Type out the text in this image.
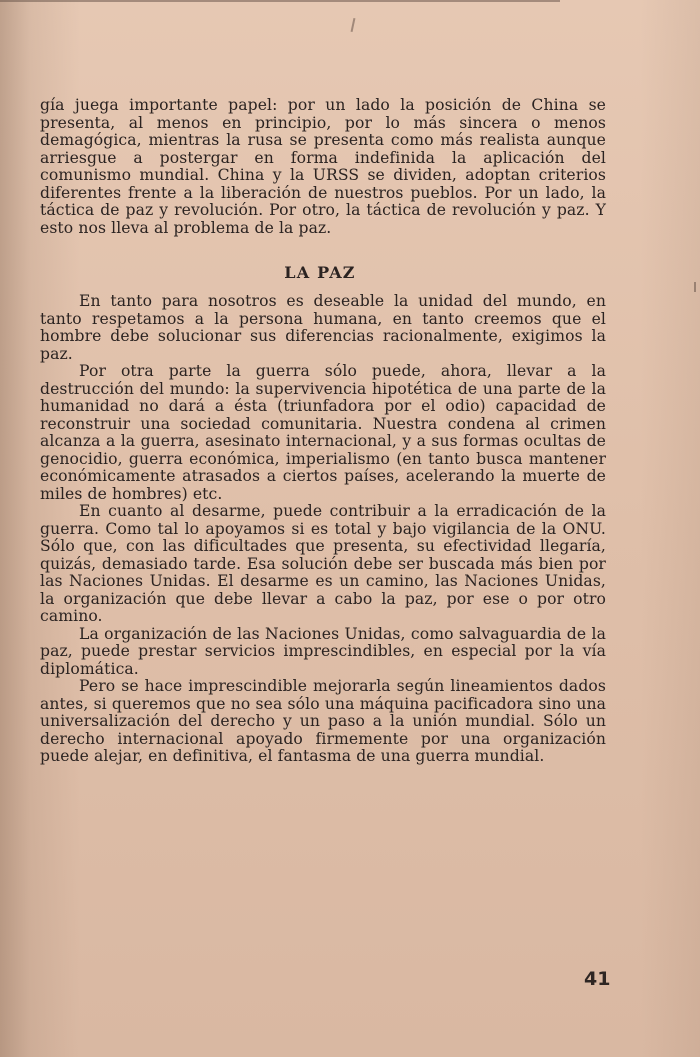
gía juega importante papel: por un lado la posición de China se presenta, al menos en principio, por lo más sincera o menos demagógica, mientras la rusa se presenta como más realista aunque arriesgue a postergar en forma indefinida la aplicación del comunismo mundial. China y la URSS se dividen, adoptan criterios diferentes frente a la liberación de nuestros pueblos. Por un lado, la táctica de paz y revolución. Por otro, la táctica de revolución y paz. Y esto nos lleva al problema de la paz.

LA PAZ

En tanto para nosotros es deseable la unidad del mundo, en tanto respetamos a la persona humana, en tanto creemos que el hombre debe solucionar sus diferencias racionalmente, exigimos la paz.

Por otra parte la guerra sólo puede, ahora, llevar a la destrucción del mundo: la supervivencia hipotética de una parte de la humanidad no dará a ésta (triunfadora por el odio) capacidad de reconstruir una sociedad comunitaria. Nuestra condena al crimen alcanza a la guerra, asesinato internacional, y a sus formas ocultas de genocidio, guerra económica, imperialismo (en tanto busca mantener económicamente atrasados a ciertos países, acelerando la muerte de miles de hombres) etc.

En cuanto al desarme, puede contribuir a la erradicación de la guerra. Como tal lo apoyamos si es total y bajo vigilancia de la ONU. Sólo que, con las dificultades que presenta, su efectividad llegaría, quizás, demasiado tarde. Esa solución debe ser buscada más bien por las Naciones Unidas. El desarme es un camino, las Naciones Unidas, la organización que debe llevar a cabo la paz, por ese o por otro camino.

La organización de las Naciones Unidas, como salvaguardia de la paz, puede prestar servicios imprescindibles, en especial por la vía diplomática.

Pero se hace imprescindible mejorarla según lineamientos dados antes, si queremos que no sea sólo una máquina pacificadora sino una universalización del derecho y un paso a la unión mundial. Sólo un derecho internacional apoyado firmemente por una organización puede alejar, en definitiva, el fantasma de una guerra mundial.

41
